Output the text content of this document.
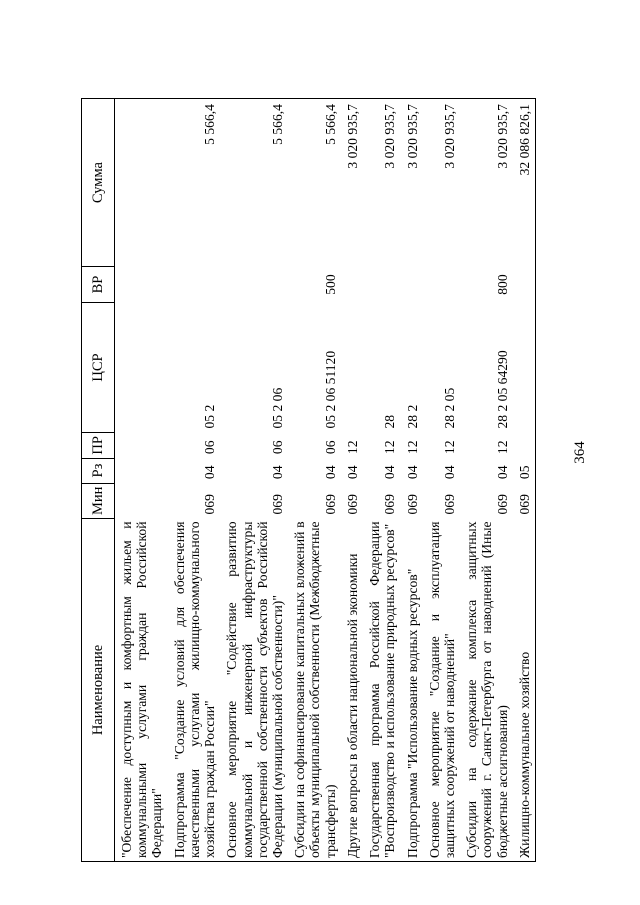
364
Наименование	Мин	Рз	ПР	ЦСР	ВР	Сумма
"Обеспечение доступным и комфортным жильем и коммунальными услугами граждан Российской Федерации"						
Подпрограмма "Создание условий для обеспечения качественными услугами жилищно-коммунального хозяйства граждан России"	069	04	06	05 2		5 566,4
Основное мероприятие "Содействие развитию коммунальной и инженерной инфраструктуры государственной собственности субъектов Российской Федерации (муниципальной собственности)"	069	04	06	05 2 06		5 566,4
Субсидии на софинансирование капитальных вложений в объекты муниципальной собственности (Межбюджетные трансферты)	069	04	06	05 2 06 51120	500	5 566,4
Другие вопросы в области национальной экономики	069	04	12			3 020 935,7
Государственная программа Российской Федерации "Воспроизводство и использование природных ресурсов"	069	04	12	28		3 020 935,7
Подпрограмма "Использование водных ресурсов"	069	04	12	28 2		3 020 935,7
Основное мероприятие "Создание и эксплуатация защитных сооружений от наводнений"	069	04	12	28 2 05		3 020 935,7
Субсидии на содержание комплекса защитных сооружений г. Санкт-Петербурга от наводнений (Иные бюджетные ассигнования)	069	04	12	28 2 05 64290	800	3 020 935,7
Жилищно-коммунальное хозяйство	069	05				32 086 826,1
